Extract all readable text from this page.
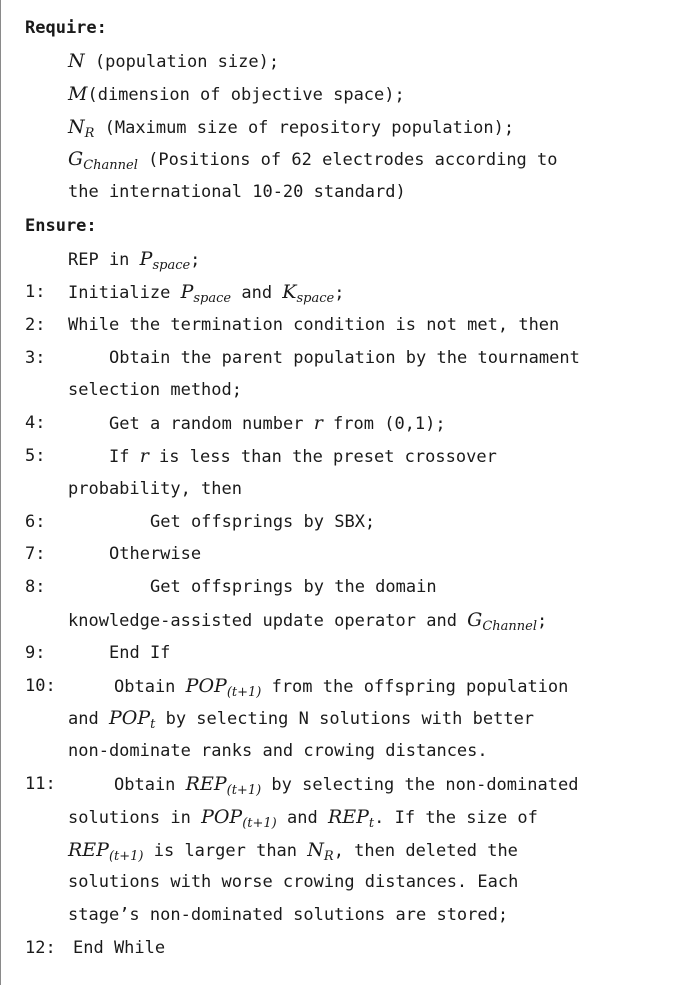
Require:

N (population size);
M(dimension of objective space);
$N_R$ (Maximum size of repository population);
$G_{Channel}$ (Positions of 62 electrodes according to
the international 10-20 standard)

Ensure:

REP in $P_{space}$;

1: Initialize $P_{space}$ and $K_{space}$;
2: While the termination condition is not met, then
3:	Obtain the parent population by the tournament
selection method;
4:	Get a random number r from (0,1);
5:	If r is less than the preset crossover
probability, then
6:	Get offsprings by SBX;
7:	Otherwise
8:	Get offsprings by the domain
knowledge-assisted update operator and $G_{Channel}$;
9:	End If
10:	Obtain $POP_{(t+1)}$ from the offspring population
and $POP_t$ by selecting N solutions with better
non-dominate ranks and crowing distances.
11:	Obtain $REP_{(t+1)}$ by selecting the non-dominated
solutions in $POP_{(t+1)}$ and $REP_t$. If the size of
$REP_{(t+1)}$ is larger than $N_R$, then deleted the
solutions with worse crowing distances. Each
stage’s non-dominated solutions are stored;
12: End While
